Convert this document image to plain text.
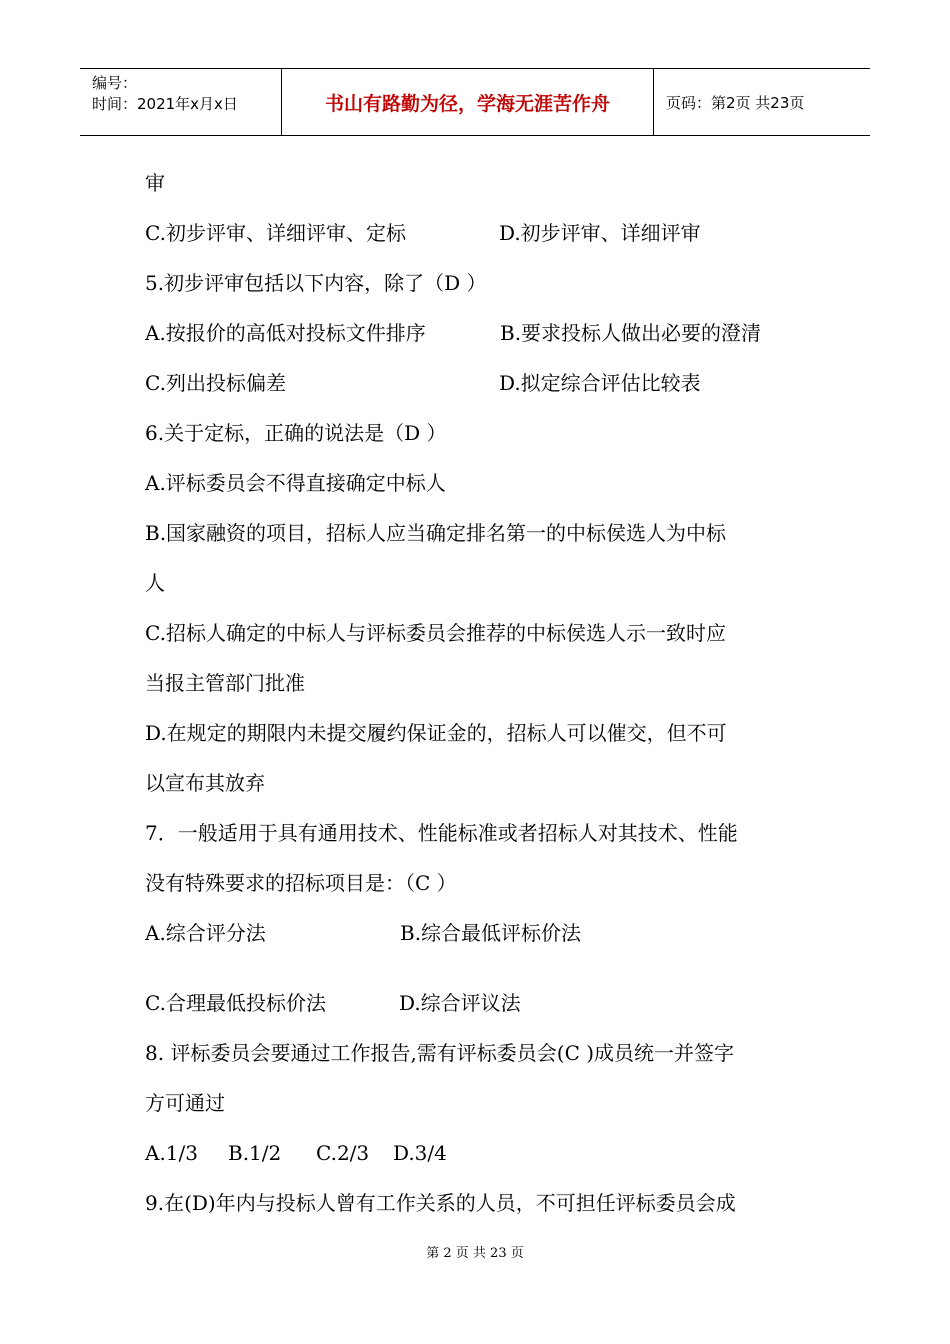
编号：
时间：2021年x月x日	书山有路勤为径，学海无涯苦作舟	页码：第2页 共23页
审
C.初步评审、详细评审、定标	D.初步评审、详细评审
5.初步评审包括以下内容，除了（D ）
A.按报价的高低对投标文件排序	B.要求投标人做出必要的澄清
C.列出投标偏差	D.拟定综合评估比较表
6.关于定标，正确的说法是（D ）
A.评标委员会不得直接确定中标人
B.国家融资的项目，招标人应当确定排名第一的中标侯选人为中标
人
C.招标人确定的中标人与评标委员会推荐的中标侯选人示一致时应
当报主管部门批准
D.在规定的期限内未提交履约保证金的，招标人可以催交，但不可
以宣布其放弃
7．一般适用于具有通用技术、性能标准或者招标人对其技术、性能
没有特殊要求的招标项目是：（C ）
A.综合评分法	B.综合最低评标价法
C.合理最低投标价法	D.综合评议法
8. 评标委员会要通过工作报告,需有评标委员会(C )成员统一并签字
方可通过
A.1/3 B.1/2 C.2/3 D.3/4
9.在(D)年内与投标人曾有工作关系的人员，不可担任评标委员会成
第 2 页 共 23 页
